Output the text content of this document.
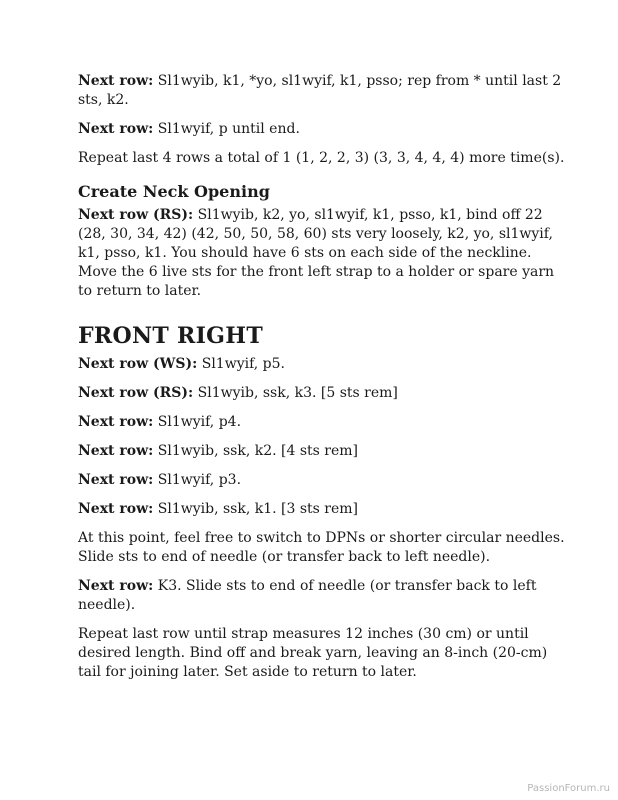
Next row: Sl1wyib, k1, *yo, sl1wyif, k1, psso; rep from * until last 2 sts, k2.

Next row: Sl1wyif, p until end.

Repeat last 4 rows a total of 1 (1, 2, 2, 3) (3, 3, 4, 4, 4) more time(s).

Create Neck Opening

Next row (RS): Sl1wyib, k2, yo, sl1wyif, k1, psso, k1, bind off 22 (28, 30, 34, 42) (42, 50, 50, 58, 60) sts very loosely, k2, yo, sl1wyif, k1, psso, k1. You should have 6 sts on each side of the neckline. Move the 6 live sts for the front left strap to a holder or spare yarn to return to later.

FRONT RIGHT

Next row (WS): Sl1wyif, p5.

Next row (RS): Sl1wyib, ssk, k3. [5 sts rem]

Next row: Sl1wyif, p4.

Next row: Sl1wyib, ssk, k2. [4 sts rem]

Next row: Sl1wyif, p3.

Next row: Sl1wyib, ssk, k1. [3 sts rem]

At this point, feel free to switch to DPNs or shorter circular needles. Slide sts to end of needle (or transfer back to left needle).

Next row: K3. Slide sts to end of needle (or transfer back to left needle).

Repeat last row until strap measures 12 inches (30 cm) or until desired length. Bind off and break yarn, leaving an 8-inch (20-cm) tail for joining later. Set aside to return to later.

PassionForum.ru
